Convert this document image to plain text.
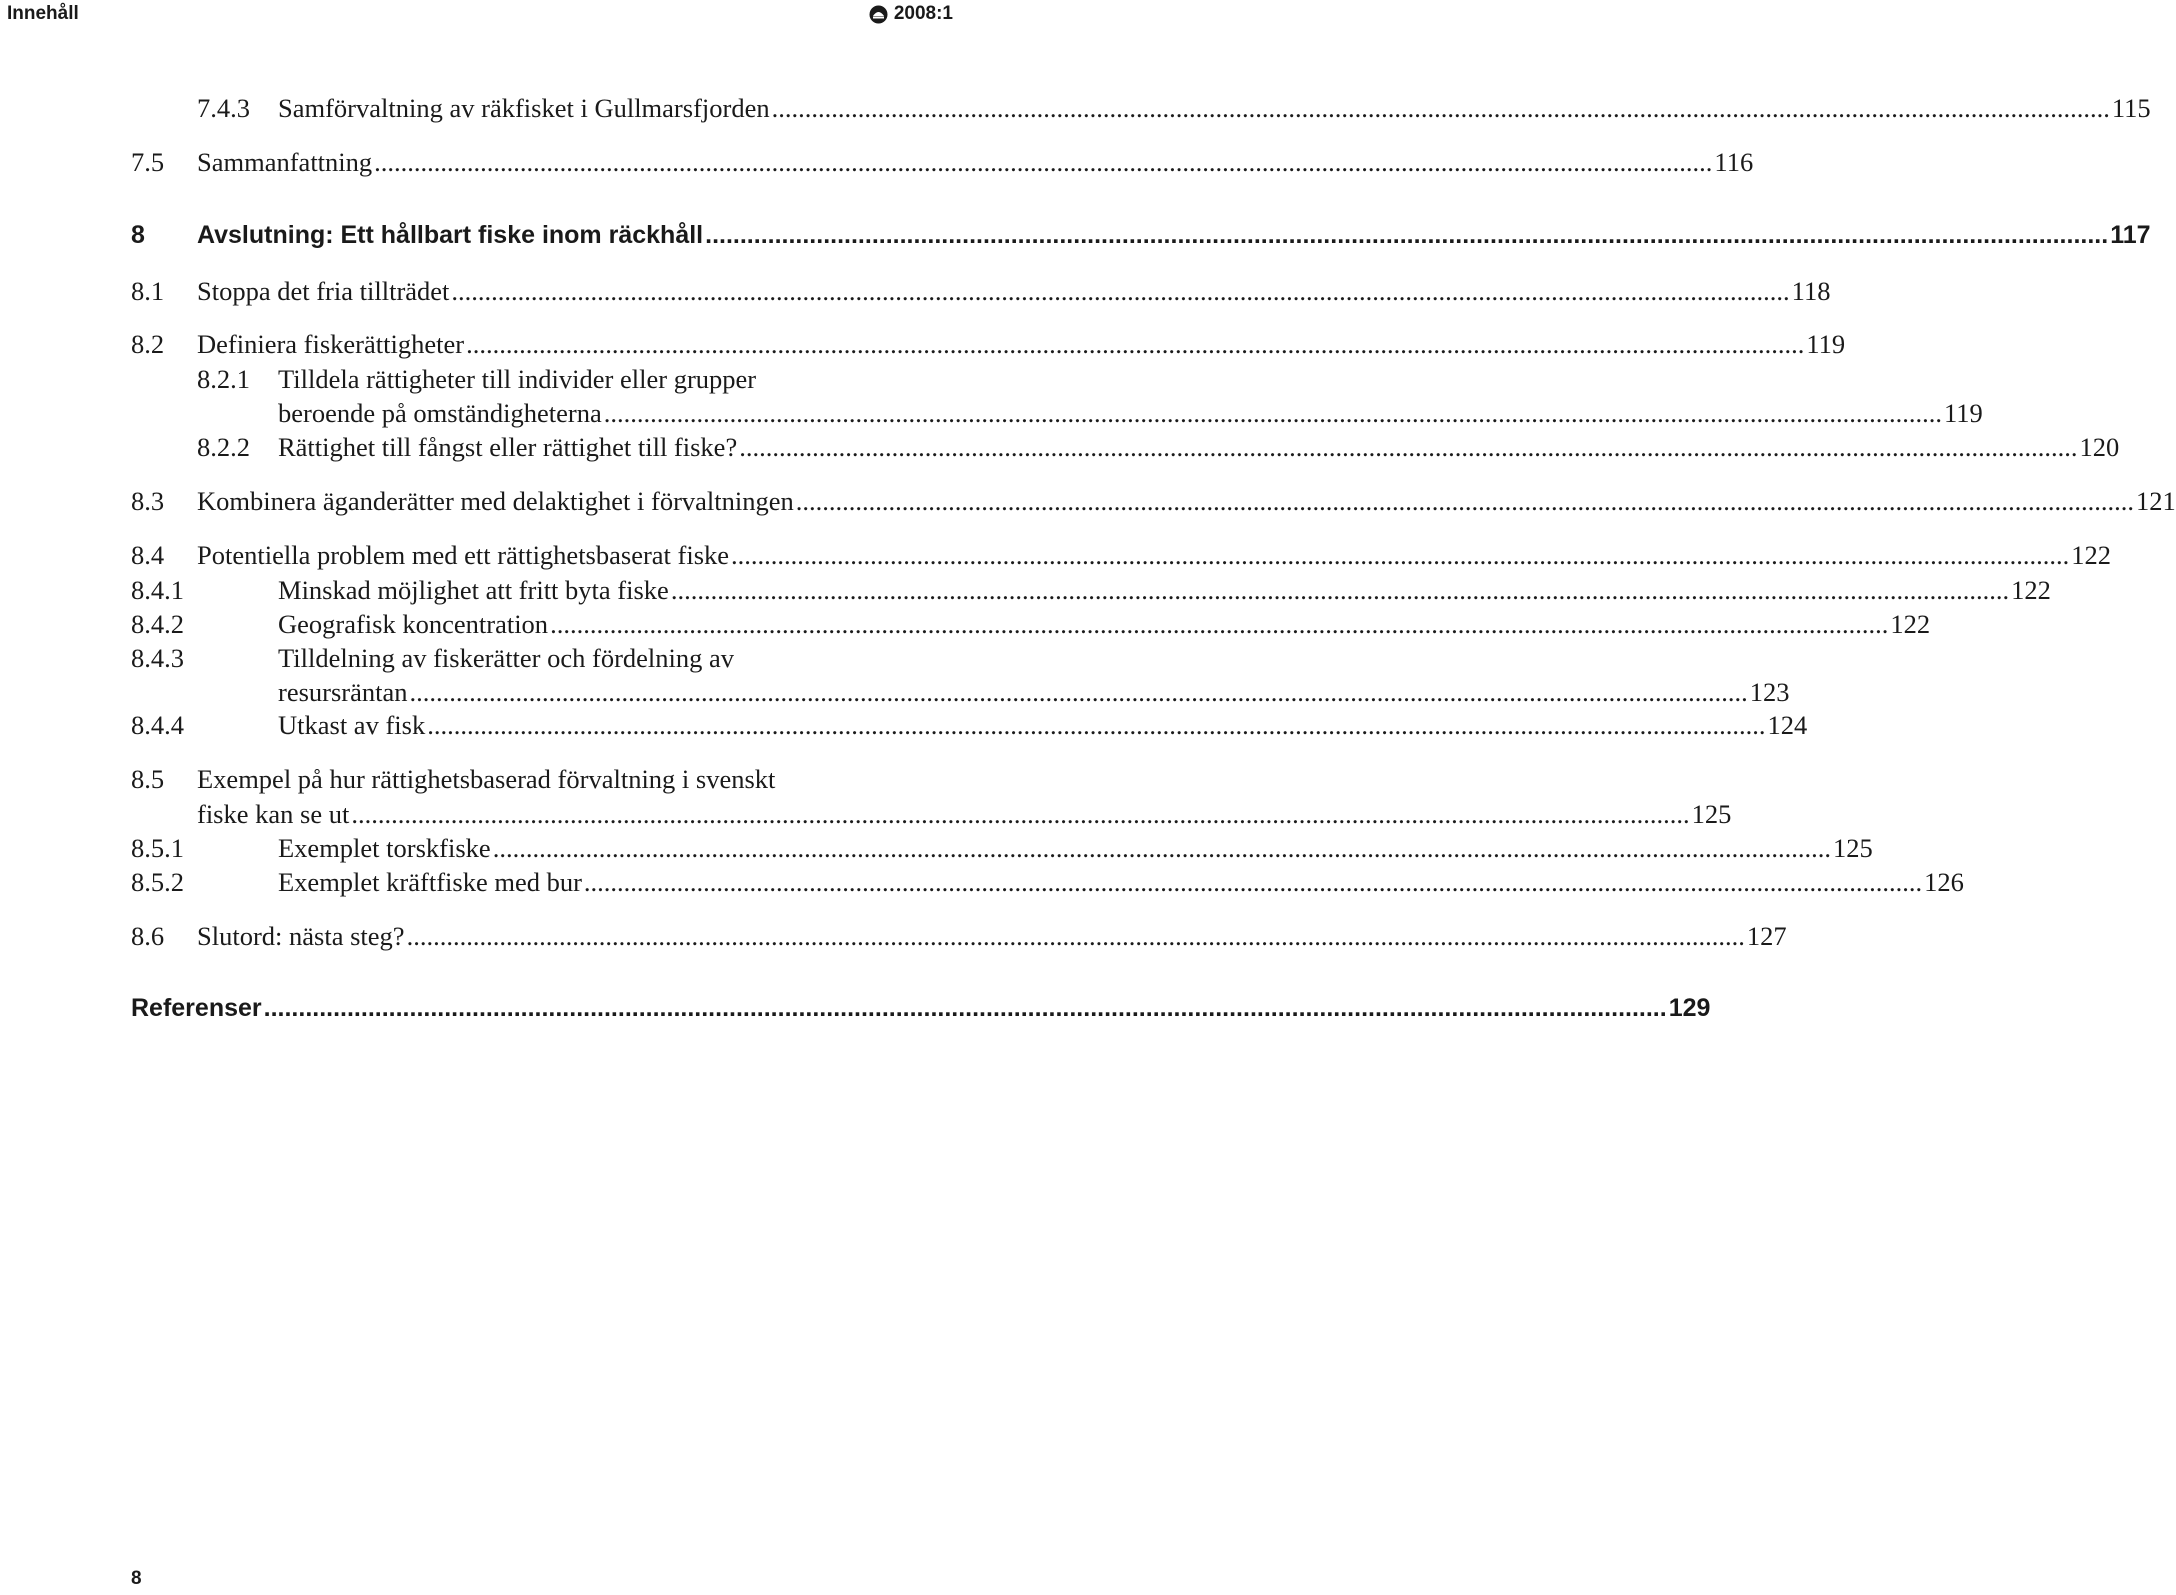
Innehåll	2008:1
7.4.3 Samförvaltning av räkfisket i Gullmarsfjorden .......................................................................................................................................................................................................... 115
7.5 Sammanfattning .......................................................................................................................................................................................................... 116
8 Avslutning: Ett hållbart fiske inom räckhåll .......................................................................................................................................................................................................... 117
8.1 Stoppa det fria tillträdet .......................................................................................................................................................................................................... 118
8.2 Definiera fiskerättigheter .......................................................................................................................................................................................................... 119
8.2.1 Tilldela rättigheter till individer eller grupper
beroende på omständigheterna .......................................................................................................................................................................................................... 119
8.2.2 Rättighet till fångst eller rättighet till fiske? .......................................................................................................................................................................................................... 120
8.3 Kombinera äganderätter med delaktighet i förvaltningen .......................................................................................................................................................................................................... 121
8.4 Potentiella problem med ett rättighetsbaserat fiske .......................................................................................................................................................................................................... 122
8.4.1	Minskad möjlighet att fritt byta fiske .......................................................................................................................................................................................................... 122
8.4.2	Geografisk koncentration .......................................................................................................................................................................................................... 122
8.4.3	Tilldelning av fiskerätter och fördelning av
resursräntan .......................................................................................................................................................................................................... 123
8.4.4	Utkast av fisk .......................................................................................................................................................................................................... 124
8.5 Exempel på hur rättighetsbaserad förvaltning i svenskt
fiske kan se ut .......................................................................................................................................................................................................... 125
8.5.1	Exemplet torskfiske .......................................................................................................................................................................................................... 125
8.5.2	Exemplet kräftfiske med bur .......................................................................................................................................................................................................... 126
8.6 Slutord: nästa steg? .......................................................................................................................................................................................................... 127
Referenser .......................................................................................................................................................................................................... 129
8
